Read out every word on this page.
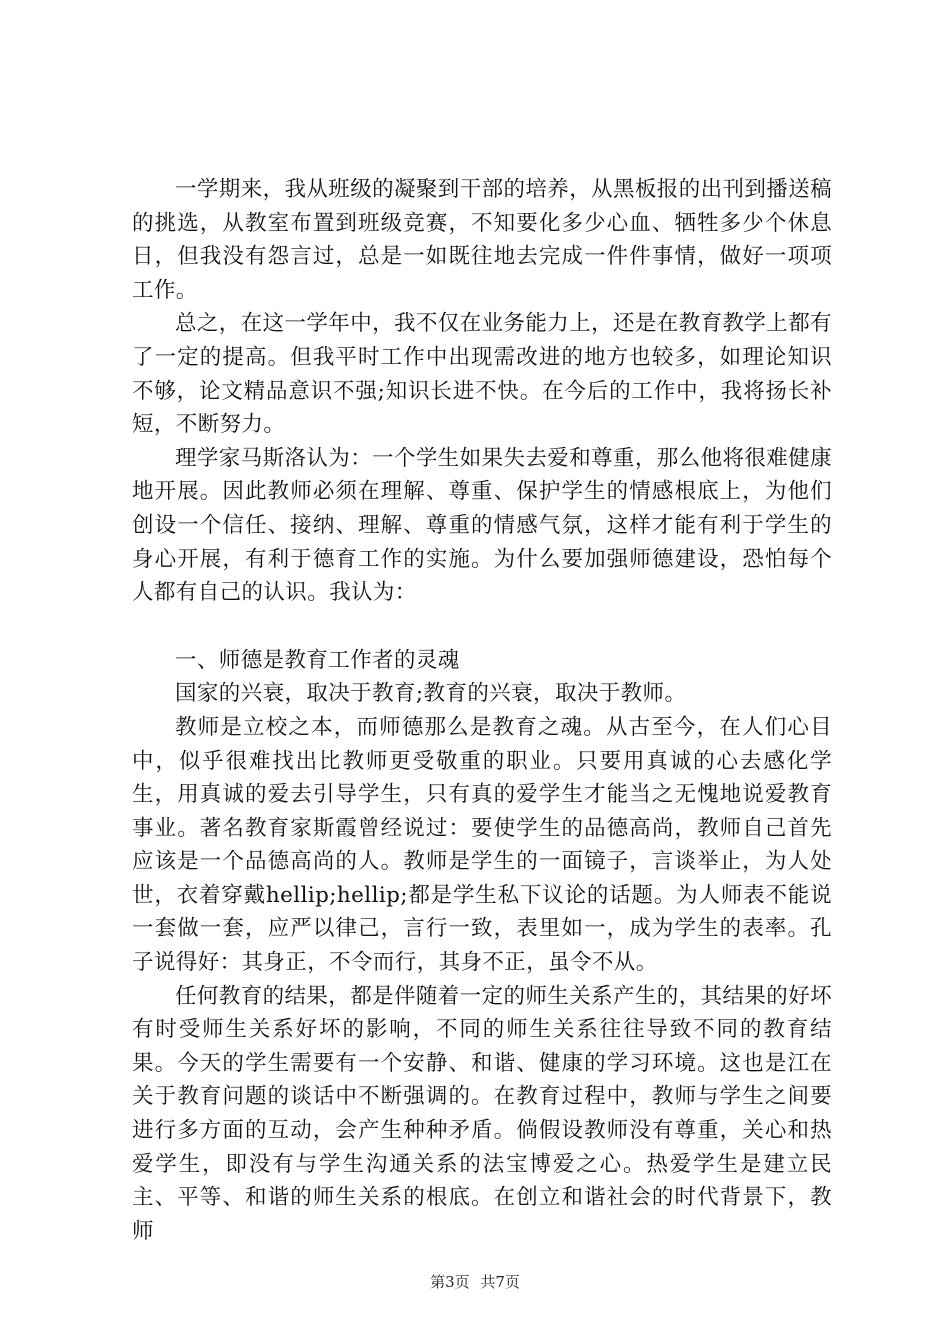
一学期来，我从班级的凝聚到干部的培养，从黑板报的出刊到播送稿的挑选，从教室布置到班级竞赛，不知要化多少心血、牺牲多少个休息日，但我没有怨言过，总是一如既往地去完成一件件事情，做好一项项工作。

总之，在这一学年中，我不仅在业务能力上，还是在教育教学上都有了一定的提高。但我平时工作中出现需改进的地方也较多，如理论知识不够，论文精品意识不强;知识长进不快。在今后的工作中，我将扬长补短，不断努力。

理学家马斯洛认为：一个学生如果失去爱和尊重，那么他将很难健康地开展。因此教师必须在理解、尊重、保护学生的情感根底上，为他们创设一个信任、接纳、理解、尊重的情感气氛，这样才能有利于学生的身心开展，有利于德育工作的实施。为什么要加强师德建设，恐怕每个人都有自己的认识。我认为：

一、师德是教育工作者的灵魂

国家的兴衰，取决于教育;教育的兴衰，取决于教师。

教师是立校之本，而师德那么是教育之魂。从古至今，在人们心目中，似乎很难找出比教师更受敬重的职业。只要用真诚的心去感化学生，用真诚的爱去引导学生，只有真的爱学生才能当之无愧地说爱教育事业。著名教育家斯霞曾经说过：要使学生的品德高尚，教师自己首先应该是一个品德高尚的人。教师是学生的一面镜子，言谈举止，为人处世，衣着穿戴hellip;hellip;都是学生私下议论的话题。为人师表不能说一套做一套，应严以律己，言行一致，表里如一，成为学生的表率。孔子说得好：其身正，不令而行，其身不正，虽令不从。

任何教育的结果，都是伴随着一定的师生关系产生的，其结果的好坏有时受师生关系好坏的影响，不同的师生关系往往导致不同的教育结果。今天的学生需要有一个安静、和谐、健康的学习环境。这也是江在关于教育问题的谈话中不断强调的。在教育过程中，教师与学生之间要进行多方面的互动，会产生种种矛盾。倘假设教师没有尊重，关心和热爱学生，即没有与学生沟通关系的法宝博爱之心。热爱学生是建立民主、平等、和谐的师生关系的根底。在创立和谐社会的时代背景下，教师

第3页 共7页
